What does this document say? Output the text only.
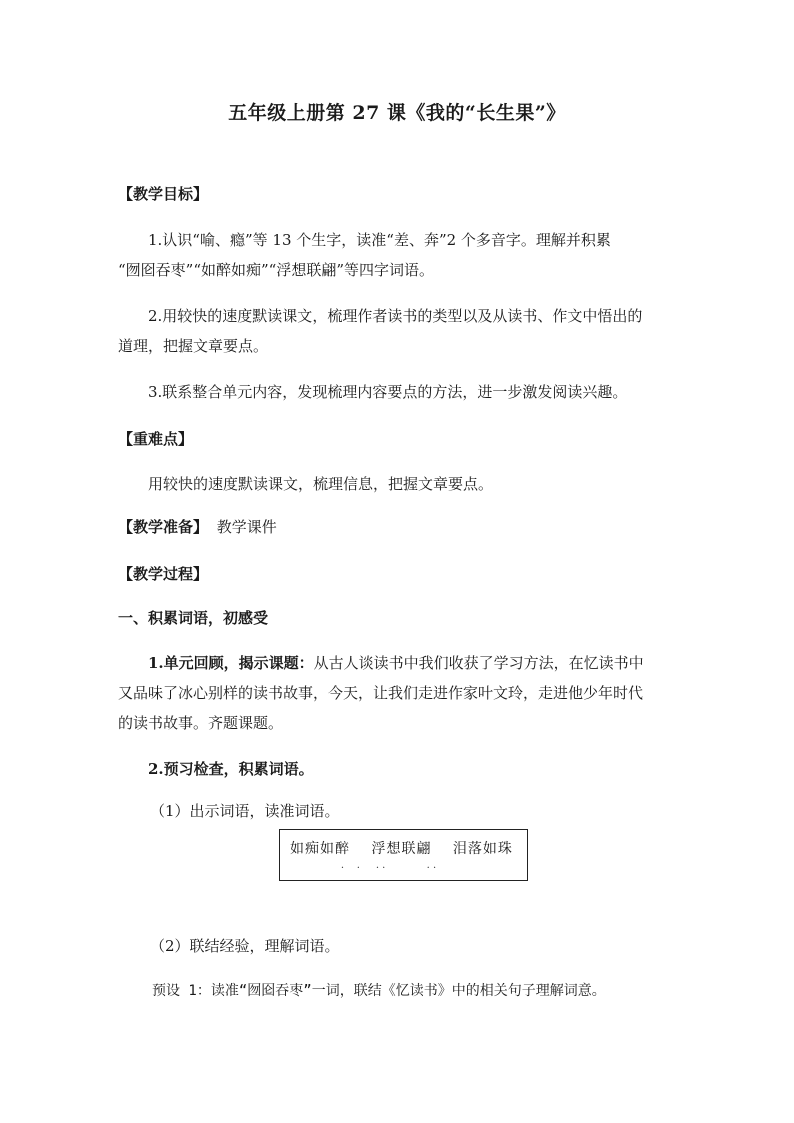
五年级上册第 27 课《我的“长生果”》
【教学目标】
1.认识“喻、瘾”等 13 个生字，读准“差、奔”2 个多音字。理解并积累
“囫囵吞枣”“如醉如痴”“浮想联翩”等四字词语。
2.用较快的速度默读课文，梳理作者读书的类型以及从读书、作文中悟出的
道理，把握文章要点。
3.联系整合单元内容，发现梳理内容要点的方法，进一步激发阅读兴趣。
【重难点】
用较快的速度默读课文，梳理信息，把握文章要点。
【教学准备】 教学课件
【教学过程】
一、积累词语，初感受
1.单元回顾，揭示课题：从古人谈读书中我们收获了学习方法，在忆读书中
又品味了冰心别样的读书故事，今天，让我们走进作家叶文玲，走进他少年时代
的读书故事。齐题课题。
2.预习检查，积累词语。
（1）出示词语，读准词语。
如痴如醉 浮想联翩 泪落如珠
.    .     . .             . .
（2）联结经验，理解词语。
预设 1：读准“囫囵吞枣”一词，联结《忆读书》中的相关句子理解词意。
